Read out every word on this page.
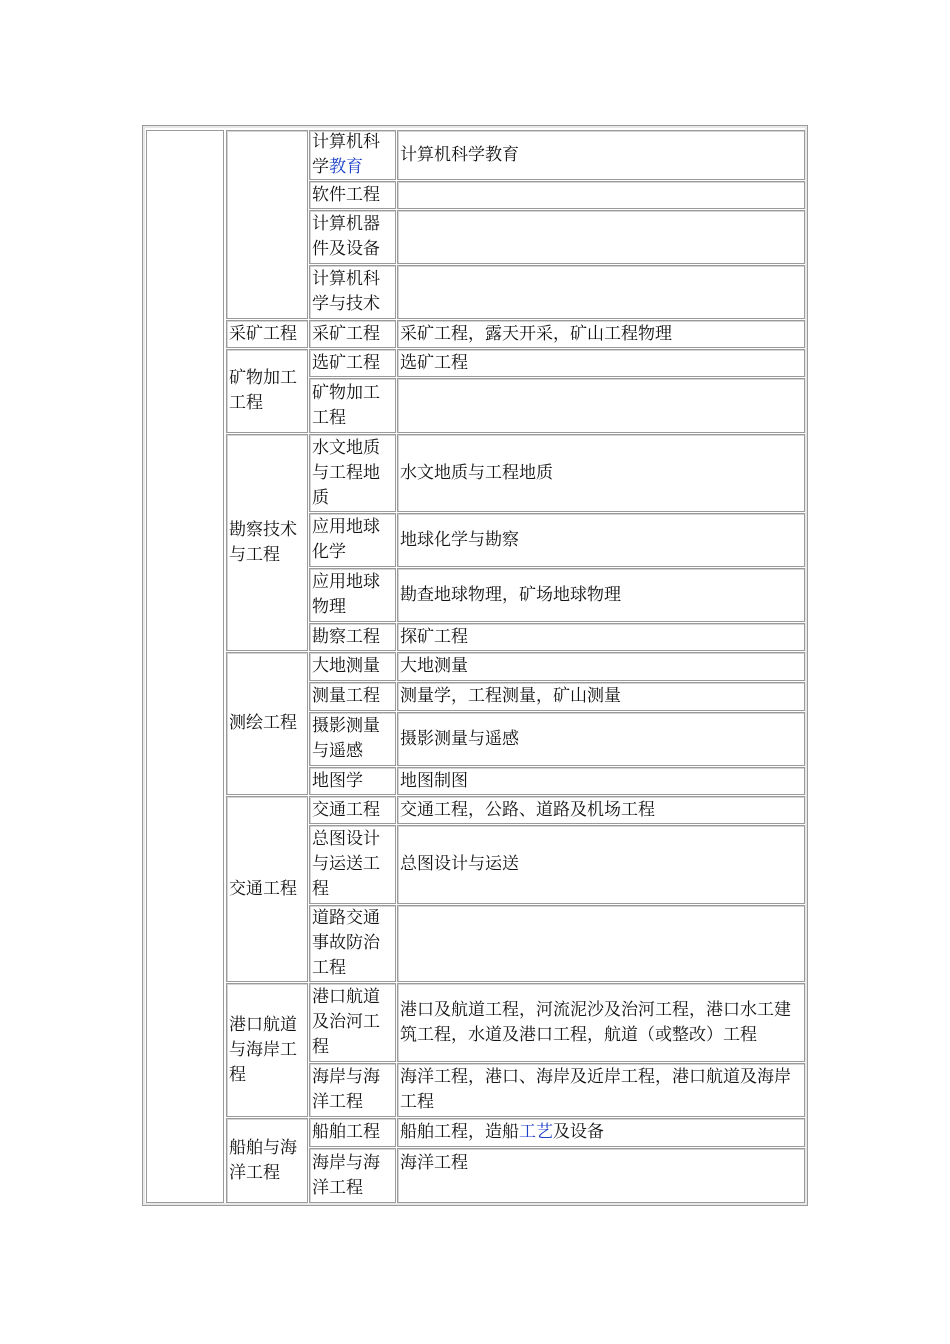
采矿工程
矿物加工工程
勘察技术与工程
测绘工程
交通工程
港口航道与海岸工程
船舶与海洋工程
计算机科学教育
计算机科学教育
软件工程
计算机器件及设备
计算机科学与技术
采矿工程 采矿工程，露天开采，矿山工程物理
选矿工程 选矿工程
矿物加工工程
水文地质与工程地质
水文地质与工程地质
应用地球化学
地球化学与勘察
应用地球物理
勘查地球物理，矿场地球物理
勘察工程 探矿工程
大地测量 大地测量
测量工程 测量学，工程测量，矿山测量
摄影测量与遥感
摄影测量与遥感
地图学 地图制图
交通工程 交通工程，公路、道路及机场工程
总图设计与运送工程
总图设计与运送
道路交通事故防治工程
港口航道及治河工程
港口及航道工程，河流泥沙及治河工程，港口水工建筑工程，水道及港口工程，航道（或整改）工程
海岸与海洋工程
海洋工程，港口、海岸及近岸工程，港口航道及海岸工程
船舶工程 船舶工程，造船工艺及设备
海岸与海洋工程
海洋工程
